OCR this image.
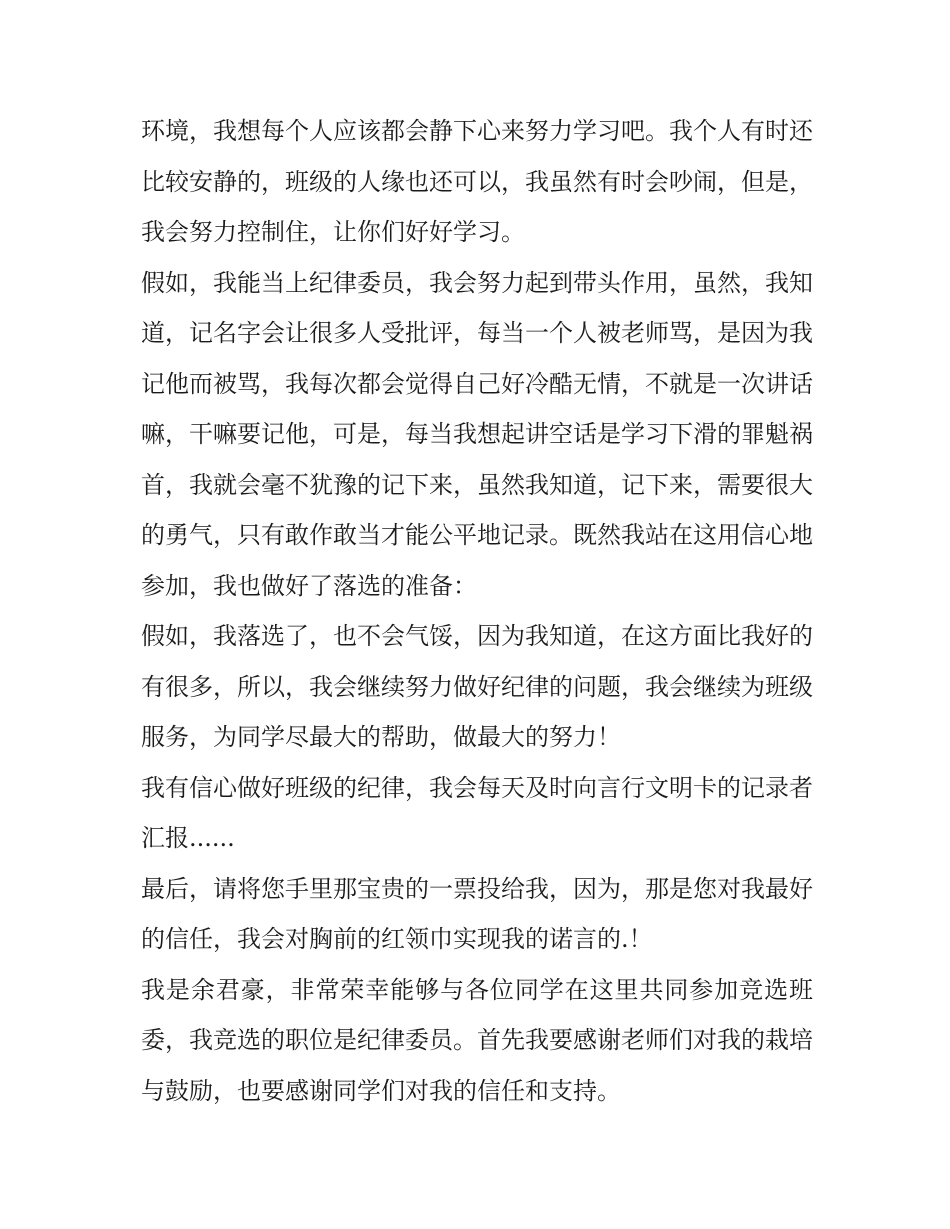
环境，我想每个人应该都会静下心来努力学习吧。我个人有时还比较安静的，班级的人缘也还可以，我虽然有时会吵闹，但是，我会努力控制住，让你们好好学习。

假如，我能当上纪律委员，我会努力起到带头作用，虽然，我知道，记名字会让很多人受批评，每当一个人被老师骂，是因为我记他而被骂，我每次都会觉得自己好冷酷无情，不就是一次讲话嘛，干嘛要记他，可是，每当我想起讲空话是学习下滑的罪魁祸首，我就会毫不犹豫的记下来，虽然我知道，记下来，需要很大的勇气，只有敢作敢当才能公平地记录。既然我站在这用信心地参加，我也做好了落选的准备：

假如，我落选了，也不会气馁，因为我知道，在这方面比我好的有很多，所以，我会继续努力做好纪律的问题，我会继续为班级服务，为同学尽最大的帮助，做最大的努力！

我有信心做好班级的纪律，我会每天及时向言行文明卡的记录者汇报......

最后，请将您手里那宝贵的一票投给我，因为，那是您对我最好的信任，我会对胸前的红领巾实现我的诺言的.！

我是余君豪，非常荣幸能够与各位同学在这里共同参加竞选班委，我竞选的职位是纪律委员。首先我要感谢老师们对我的栽培与鼓励，也要感谢同学们对我的信任和支持。
